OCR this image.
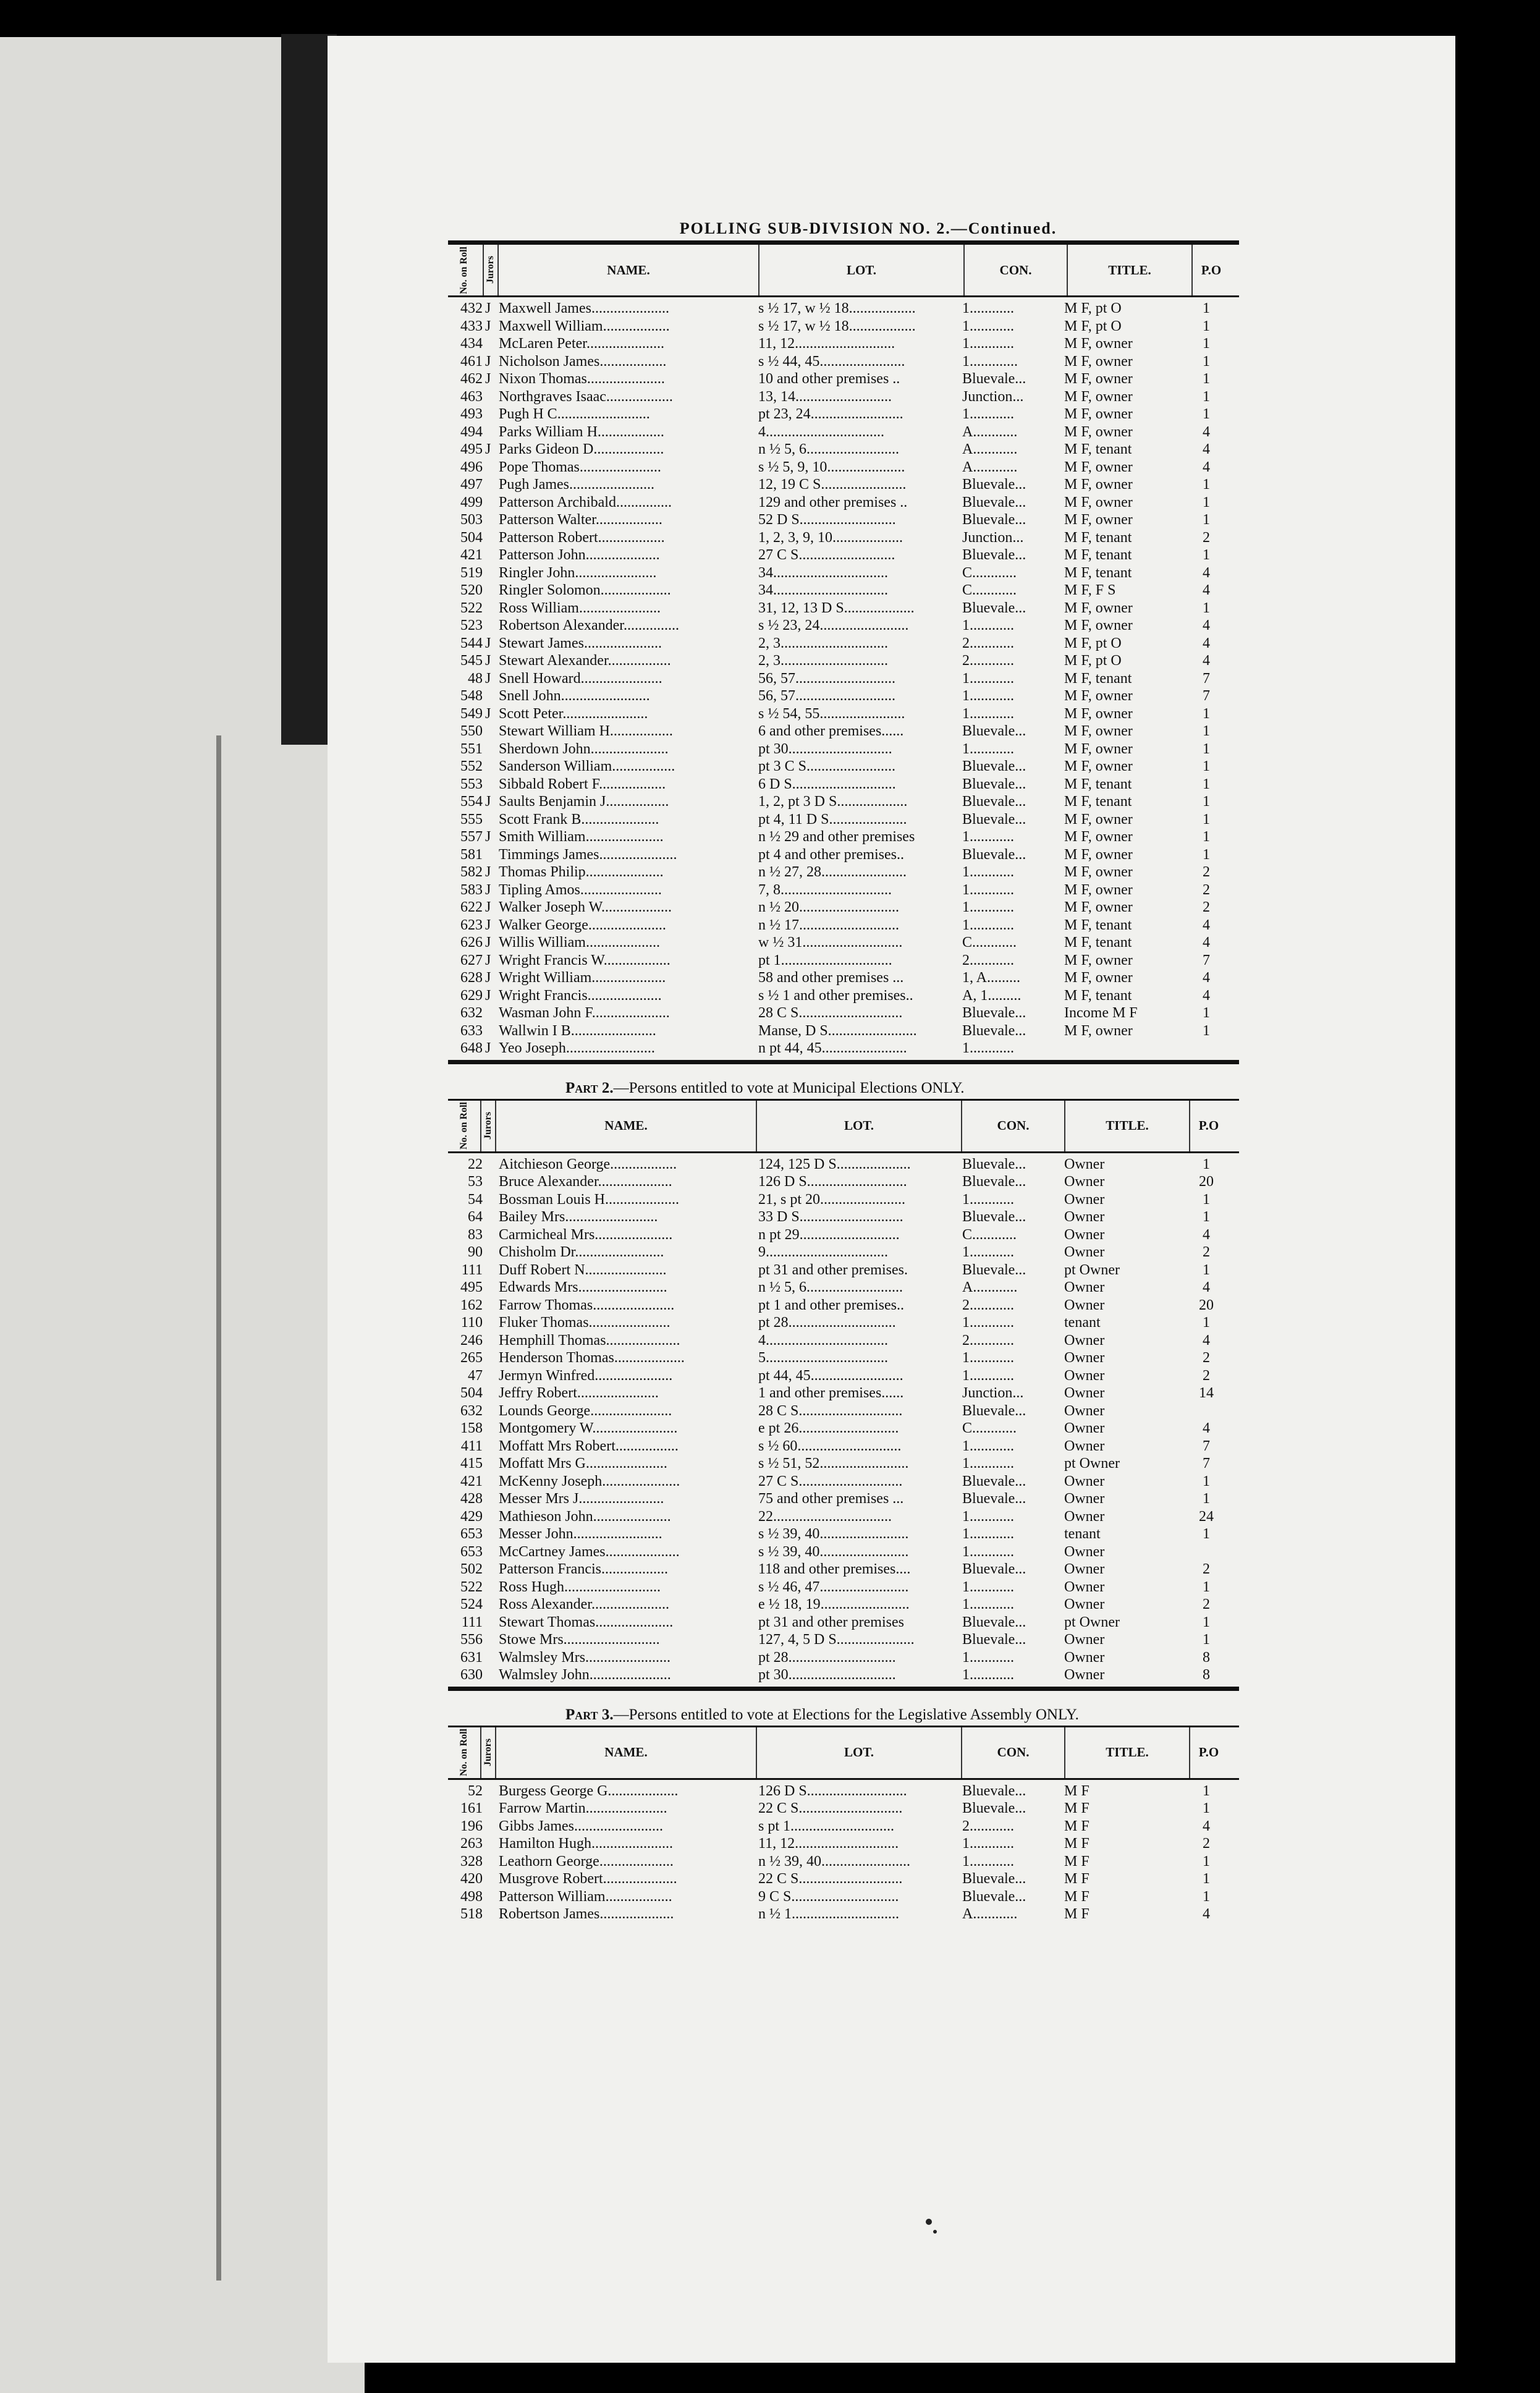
POLLING SUB-DIVISION NO. 2.—Continued.
No. on Roll Jurors	NAME.	LOT.	CON.	TITLE.	P.O
432 J Maxwell James.....................	s ½ 17, w ½ 18..................	1............	M F, pt O	1
433 J Maxwell William..................	s ½ 17, w ½ 18..................	1............	M F, pt O	1
434 McLaren Peter.....................	11, 12...........................	1............	M F, owner	1
461 J Nicholson James..................	s ½ 44, 45.......................	1.............	M F, owner	1
462 J Nixon Thomas.....................	10 and other premises ..	Bluevale...	M F, owner	1
463 Northgraves Isaac..................	13, 14..........................	Junction...	M F, owner	1
493 Pugh H C.........................	pt 23, 24.........................	1............	M F, owner	1
494 Parks William H..................	4................................	A............	M F, owner	4
495 J Parks Gideon D...................	n ½ 5, 6.........................	A............	M F, tenant	4
496 Pope Thomas......................	s ½ 5, 9, 10.....................	A............	M F, owner	4
497 Pugh James.......................	12, 19 C S.......................	Bluevale...	M F, owner	1
499 Patterson Archibald...............	129 and other premises ..	Bluevale...	M F, owner	1
503 Patterson Walter..................	52 D S..........................	Bluevale...	M F, owner	1
504 Patterson Robert..................	1, 2, 3, 9, 10...................	Junction...	M F, tenant	2
421 Patterson John....................	27 C S..........................	Bluevale...	M F, tenant	1
519 Ringler John......................	34...............................	C............	M F, tenant	4
520 Ringler Solomon...................	34...............................	C............	M F, F S	4
522 Ross William......................	31, 12, 13 D S...................	Bluevale...	M F, owner	1
523 Robertson Alexander...............	s ½ 23, 24........................	1............	M F, owner	4
544 J Stewart James.....................	2, 3.............................	2............	M F, pt O	4
545 J Stewart Alexander.................	2, 3.............................	2............	M F, pt O	4
48 J Snell Howard......................	56, 57...........................	1............	M F, tenant	7
548 Snell John........................	56, 57...........................	1............	M F, owner	7
549 J Scott Peter.......................	s ½ 54, 55.......................	1............	M F, owner	1
550 Stewart William H.................	6 and other premises......	Bluevale...	M F, owner	1
551 Sherdown John.....................	pt 30............................	1............	M F, owner	1
552 Sanderson William.................	pt 3 C S........................	Bluevale...	M F, owner	1
553 Sibbald Robert F..................	6 D S............................	Bluevale...	M F, tenant	1
554 J Saults Benjamin J.................	1, 2, pt 3 D S...................	Bluevale...	M F, tenant	1
555 Scott Frank B.....................	pt 4, 11 D S.....................	Bluevale...	M F, owner	1
557 J Smith William.....................	n ½ 29 and other premises	1............	M F, owner	1
581 Timmings James.....................	pt 4 and other premises..	Bluevale...	M F, owner	1
582 J Thomas Philip.....................	n ½ 27, 28.......................	1............	M F, owner	2
583 J Tipling Amos......................	7, 8..............................	1............	M F, owner	2
622 J Walker Joseph W...................	n ½ 20...........................	1............	M F, owner	2
623 J Walker George.....................	n ½ 17...........................	1............	M F, tenant	4
626 J Willis William....................	w ½ 31...........................	C............	M F, tenant	4
627 J Wright Francis W..................	pt 1..............................	2............	M F, owner	7
628 J Wright William....................	58 and other premises ...	1, A.........	M F, owner	4
629 J Wright Francis....................	s ½ 1 and other premises..	A, 1.........	M F, tenant	4
632 Wasman John F.....................	28 C S............................	Bluevale...	Income M F	1
633 Wallwin I B.......................	Manse, D S........................	Bluevale...	M F, owner	1
648 J Yeo Joseph........................	n pt 44, 45.......................	1............
Part 2.—Persons entitled to vote at Municipal Elections ONLY.
No. on Roll Jurors	NAME.	LOT.	CON.	TITLE.	P.O
22 Aitchieson George..................	124, 125 D S....................	Bluevale...	Owner	1
53 Bruce Alexander....................	126 D S...........................	Bluevale...	Owner	20
54 Bossman Louis H....................	21, s pt 20.......................	1............	Owner	1
64 Bailey Mrs.........................	33 D S............................	Bluevale...	Owner	1
83 Carmicheal Mrs.....................	n pt 29...........................	C............	Owner	4
90 Chisholm Dr........................	9.................................	1............	Owner	2
111 Duff Robert N......................	pt 31 and other premises.	Bluevale...	pt Owner	1
495 Edwards Mrs........................	n ½ 5, 6..........................	A............	Owner	4
162 Farrow Thomas......................	pt 1 and other premises..	2............	Owner	20
110 Fluker Thomas......................	pt 28.............................	1............	tenant	1
246 Hemphill Thomas....................	4.................................	2............	Owner	4
265 Henderson Thomas...................	5.................................	1............	Owner	2
47 Jermyn Winfred.....................	pt 44, 45.........................	1............	Owner	2
504 Jeffry Robert......................	1 and other premises......	Junction...	Owner	14
632 Lounds George......................	28 C S............................	Bluevale...	Owner
158 Montgomery W.......................	e pt 26...........................	C............	Owner	4
411 Moffatt Mrs Robert.................	s ½ 60............................	1............	Owner	7
415 Moffatt Mrs G......................	s ½ 51, 52........................	1............	pt Owner	7
421 McKenny Joseph.....................	27 C S............................	Bluevale...	Owner	1
428 Messer Mrs J.......................	75 and other premises ...	Bluevale...	Owner	1
429 Mathieson John.....................	22................................	1............	Owner	24
653 Messer John........................	s ½ 39, 40........................	1............	tenant	1
653 McCartney James....................	s ½ 39, 40........................	1............	Owner
502 Patterson Francis..................	118 and other premises....	Bluevale...	Owner	2
522 Ross Hugh..........................	s ½ 46, 47........................	1............	Owner	1
524 Ross Alexander.....................	e ½ 18, 19........................	1............	Owner	2
111 Stewart Thomas.....................	pt 31 and other premises	Bluevale...	pt Owner	1
556 Stowe Mrs..........................	127, 4, 5 D S.....................	Bluevale...	Owner	1
631 Walmsley Mrs.......................	pt 28.............................	1............	Owner	8
630 Walmsley John......................	pt 30.............................	1............	Owner	8
Part 3.—Persons entitled to vote at Elections for the Legislative Assembly ONLY.
No. on Roll Jurors	NAME.	LOT.	CON.	TITLE.	P.O
52 Burgess George G...................	126 D S...........................	Bluevale...	M F	1
161 Farrow Martin......................	22 C S............................	Bluevale...	M F	1
196 Gibbs James........................	s pt 1............................	2............	M F	4
263 Hamilton Hugh......................	11, 12............................	1............	M F	2
328 Leathorn George....................	n ½ 39, 40........................	1............	M F	1
420 Musgrove Robert....................	22 C S............................	Bluevale...	M F	1
498 Patterson William..................	9 C S.............................	Bluevale...	M F	1
518 Robertson James....................	n ½ 1.............................	A............	M F	4
